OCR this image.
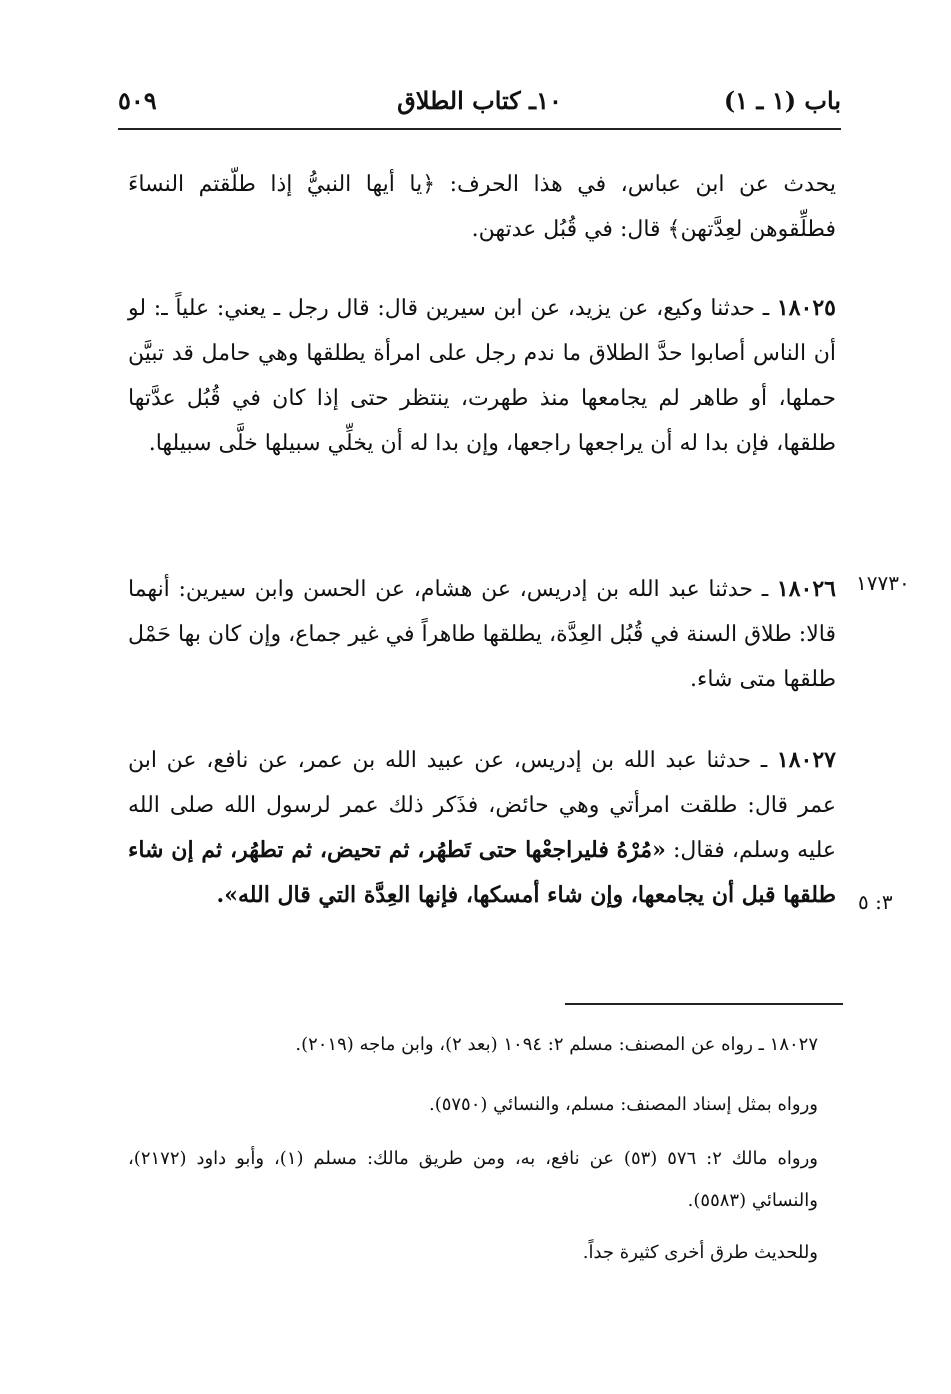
باب (١ ـ ١)
١٠ـ كتاب الطلاق
٥٠٩
يحدث عن ابن عباس، في هذا الحرف: ﴿يا أيها النبيُّ إذا طلّقتم النساءَ فطلِّقوهن لعِدَّتهن﴾ قال: في قُبُل عدتهن.
١٨٠٢٥ ـ حدثنا وكيع، عن يزيد، عن ابن سيرين قال: قال رجل ـ يعني: علياً ـ: لو أن الناس أصابوا حدَّ الطلاق ما ندم رجل على امرأة يطلقها وهي حامل قد تبيَّن حملها، أو طاهر لم يجامعها منذ طهرت، ينتظر حتى إذا كان في قُبُل عدَّتها طلقها، فإن بدا له أن يراجعها راجعها، وإن بدا له أن يخلِّي سبيلها خلَّى سبيلها.
١٧٧٣٠
١٨٠٢٦ ـ حدثنا عبد الله بن إدريس، عن هشام، عن الحسن وابن سيرين: أنهما قالا: طلاق السنة في قُبُل العِدَّة، يطلقها طاهراً في غير جماع، وإن كان بها حَمْل طلقها متى شاء.
٣: ٥
١٨٠٢٧ ـ حدثنا عبد الله بن إدريس، عن عبيد الله بن عمر، عن نافع، عن ابن عمر قال: طلقت امرأتي وهي حائض، فذَكر ذلك عمر لرسول الله صلى الله عليه وسلم، فقال: «مُرْهُ فليراجعْها حتى تَطهُر، ثم تحيض، ثم تطهُر، ثم إن شاء طلقها قبل أن يجامعها، وإن شاء أمسكها، فإنها العِدَّة التي قال الله».
١٨٠٢٧ ـ رواه عن المصنف: مسلم ٢: ١٠٩٤ (بعد ٢)، وابن ماجه (٢٠١٩).
ورواه بمثل إسناد المصنف: مسلم، والنسائي (٥٧٥٠).
ورواه مالك ٢: ٥٧٦ (٥٣) عن نافع، به، ومن طريق مالك: مسلم (١)، وأبو داود (٢١٧٢)، والنسائي (٥٥٨٣).
وللحديث طرق أخرى كثيرة جداً.
